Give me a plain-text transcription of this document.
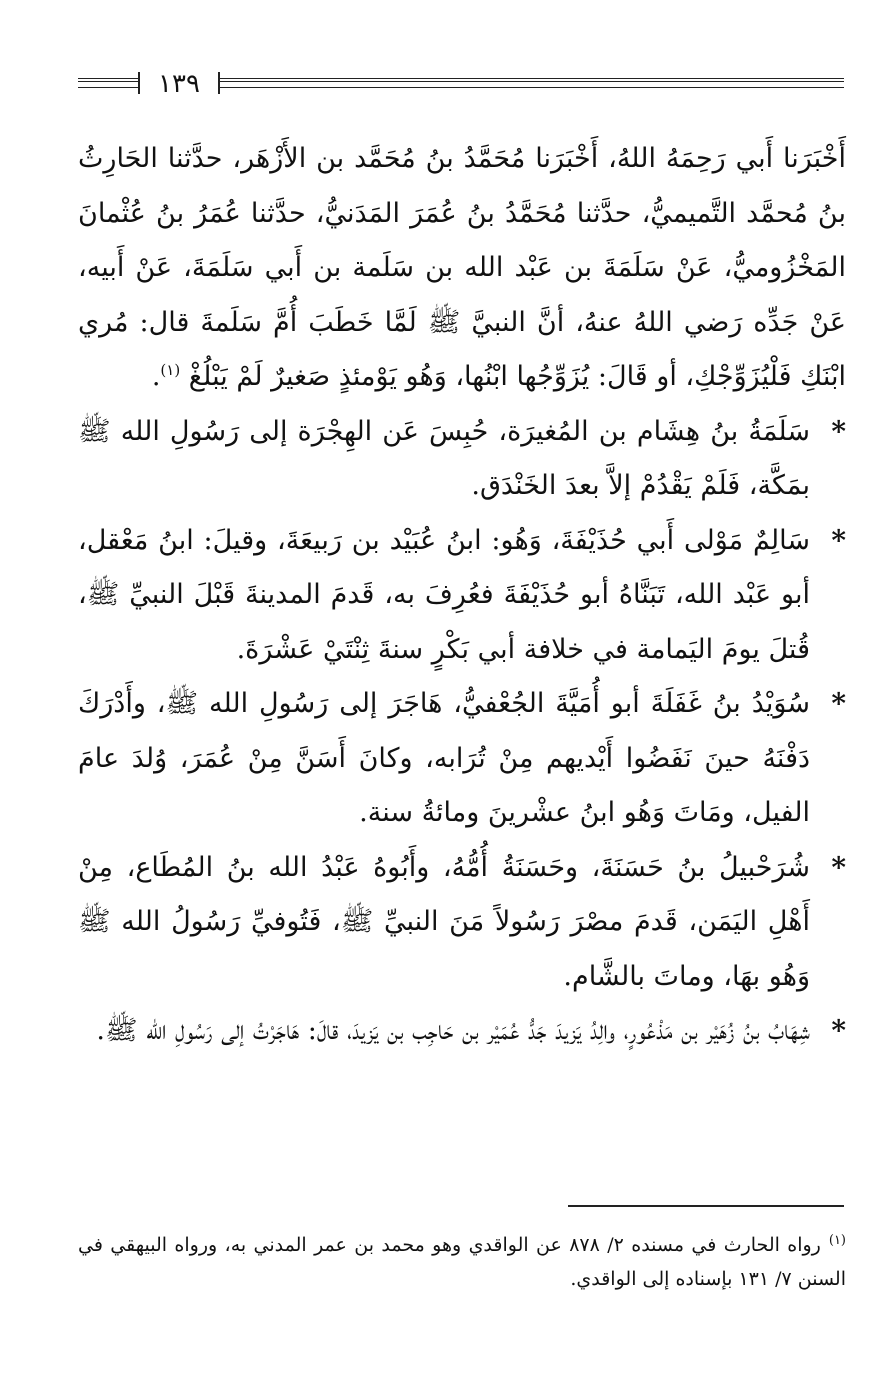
١٣٩

أَخْبَرَنا أَبي رَحِمَهُ اللهُ، أَخْبَرَنا مُحَمَّدُ بنُ مُحَمَّد بن الأَزْهَر، حدَّثنا الحَارِثُ بنُ مُحمَّد التَّميميُّ، حدَّثنا مُحَمَّدُ بنُ عُمَرَ المَدَنيُّ، حدَّثنا عُمَرُ بنُ عُثْمانَ المَخْزُوميُّ، عَنْ سَلَمَةَ بن عَبْد الله بن سَلَمة بن أَبي سَلَمَةَ، عَنْ أَبيه، عَنْ جَدِّه رَضي اللهُ عنهُ، أنَّ النبيَّ ﷺ لَمَّا خَطَبَ أُمَّ سَلَمةَ قال: مُري ابْنَكِ فَلْيُزَوِّجْكِ، أو قَالَ: يُزَوِّجُها ابْنُها، وَهُو يَوْمئذٍ صَغيرٌ لَمْ يَبْلُغْ $^{(١)}$.

*

سَلَمَةُ بنُ هِشَام بن المُغيرَة، حُبِسَ عَن الهِجْرَة إلى رَسُولِ الله ﷺ بمَكَّة، فَلَمْ يَقْدُمْ إلاَّ بعدَ الخَنْدَق.

*

سَالِمٌ مَوْلى أَبي حُذَيْفَةَ، وَهُو: ابنُ عُبَيْد بن رَبيعَةَ، وقيلَ: ابنُ مَعْقل، أبو عَبْد الله، تَبَنَّاهُ أبو حُذَيْفَةَ فعُرِفَ به، قَدمَ المدينةَ قَبْلَ النبيِّ ﷺ، قُتلَ يومَ اليَمامة في خلافة أبي بَكْرٍ سنةَ ثِنْتَيْ عَشْرَةَ.

*

سُوَيْدُ بنُ غَفَلَةَ أبو أُمَيَّةَ الجُعْفيُّ، هَاجَرَ إلى رَسُولِ الله ﷺ، وأَدْرَكَ دَفْنَهُ حينَ نَفَضُوا أَيْديهم مِنْ تُرَابه، وكانَ أَسَنَّ مِنْ عُمَرَ، وُلدَ عامَ الفيل، ومَاتَ وَهُو ابنُ عشْرينَ ومائةُ سنة.

*

شُرَحْبيلُ بنُ حَسَنَةَ، وحَسَنَةُ أُمُّهُ، وأَبُوهُ عَبْدُ الله بنُ المُطَاع، مِنْ أَهْلِ اليَمَن، قَدمَ مصْرَ رَسُولاً مَنَ النبيِّ ﷺ، فَتُوفيِّ رَسُولُ الله ﷺ وَهُو بهَا، وماتَ بالشَّام.

*

شِهَابُ بنُ زُهَيْر بن مَذْعُورٍ، والِدُ يَزيدَ جَدُّ عُمَيْر بن حَاجِب بن يَزيدَ، قالَ: هَاجَرْتُ إلى رَسُولِ الله ﷺ.

$^{(١)}$رواه الحارث في مسنده ٢/ ٨٧٨ عن الواقدي وهو محمد بن عمر المدني به، ورواه البيهقي في السنن ٧/ ١٣١ بإسناده إلى الواقدي.
